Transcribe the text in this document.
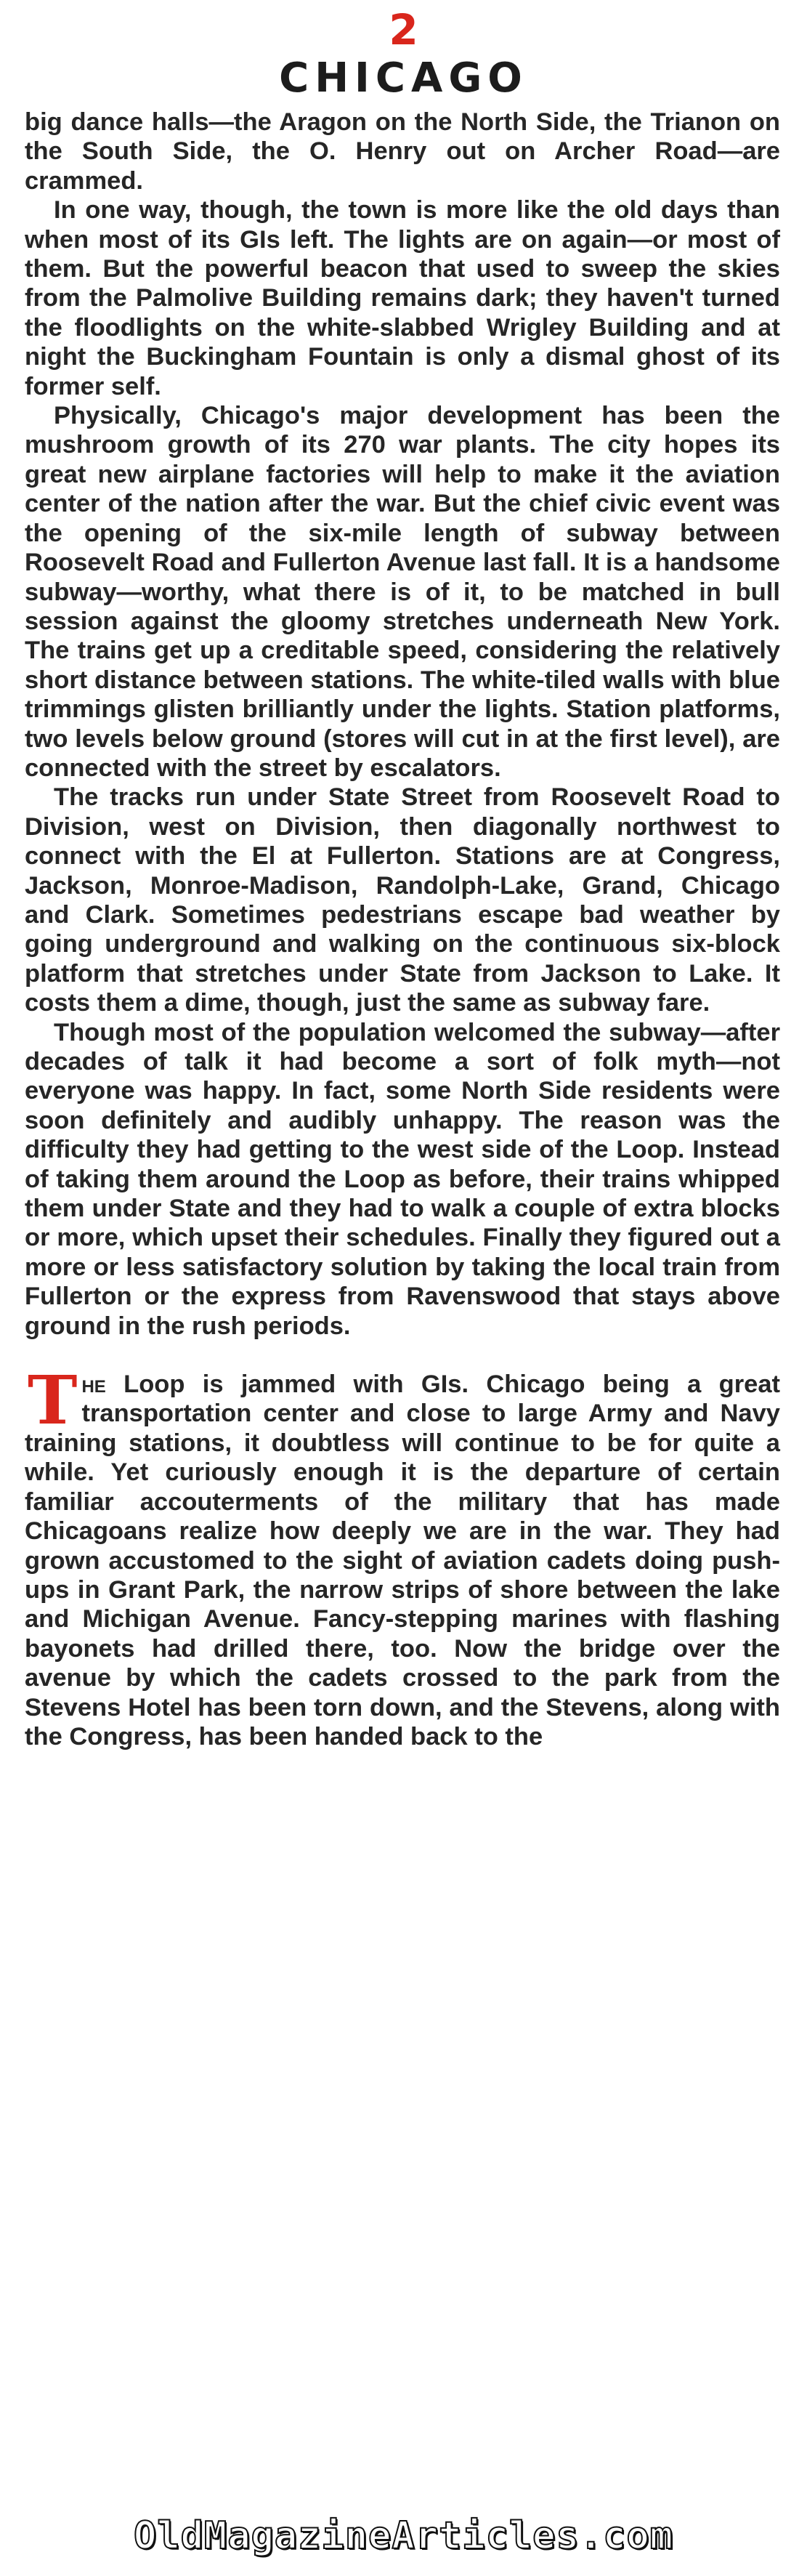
2
CHICAGO

big dance halls—the Aragon on the North Side, the Trianon on the South Side, the O. Henry out on Archer Road—are crammed.

In one way, though, the town is more like the old days than when most of its GIs left. The lights are on again—or most of them. But the powerful beacon that used to sweep the skies from the Palmolive Building remains dark; they haven't turned the floodlights on the white-slabbed Wrigley Building and at night the Buckingham Fountain is only a dismal ghost of its former self.

Physically, Chicago's major development has been the mushroom growth of its 270 war plants. The city hopes its great new airplane factories will help to make it the aviation center of the nation after the war. But the chief civic event was the opening of the six-mile length of subway between Roosevelt Road and Fullerton Avenue last fall. It is a handsome subway—worthy, what there is of it, to be matched in bull session against the gloomy stretches underneath New York. The trains get up a creditable speed, considering the relatively short distance between stations. The white-tiled walls with blue trimmings glisten brilliantly under the lights. Station platforms, two levels below ground (stores will cut in at the first level), are connected with the street by escalators.

The tracks run under State Street from Roosevelt Road to Division, west on Division, then diagonally northwest to connect with the El at Fullerton. Stations are at Congress, Jackson, Monroe-Madison, Randolph-Lake, Grand, Chicago and Clark. Sometimes pedestrians escape bad weather by going underground and walking on the continuous six-block platform that stretches under State from Jackson to Lake. It costs them a dime, though, just the same as subway fare.

Though most of the population welcomed the subway—after decades of talk it had become a sort of folk myth—not everyone was happy. In fact, some North Side residents were soon definitely and audibly unhappy. The reason was the difficulty they had getting to the west side of the Loop. Instead of taking them around the Loop as before, their trains whipped them under State and they had to walk a couple of extra blocks or more, which upset their schedules. Finally they figured out a more or less satisfactory solution by taking the local train from Fullerton or the express from Ravenswood that stays above ground in the rush periods.

The Loop is jammed with GIs. Chicago being a great transportation center and close to large Army and Navy training stations, it doubtless will continue to be for quite a while. Yet curiously enough it is the departure of certain familiar accouterments of the military that has made Chicagoans realize how deeply we are in the war. They had grown accustomed to the sight of aviation cadets doing push-ups in Grant Park, the narrow strips of shore between the lake and Michigan Avenue. Fancy-stepping marines with flashing bayonets had drilled there, too. Now the bridge over the avenue by which the cadets crossed to the park from the Stevens Hotel has been torn down, and the Stevens, along with the Congress, has been handed back to the

OldMagazineArticles.com
